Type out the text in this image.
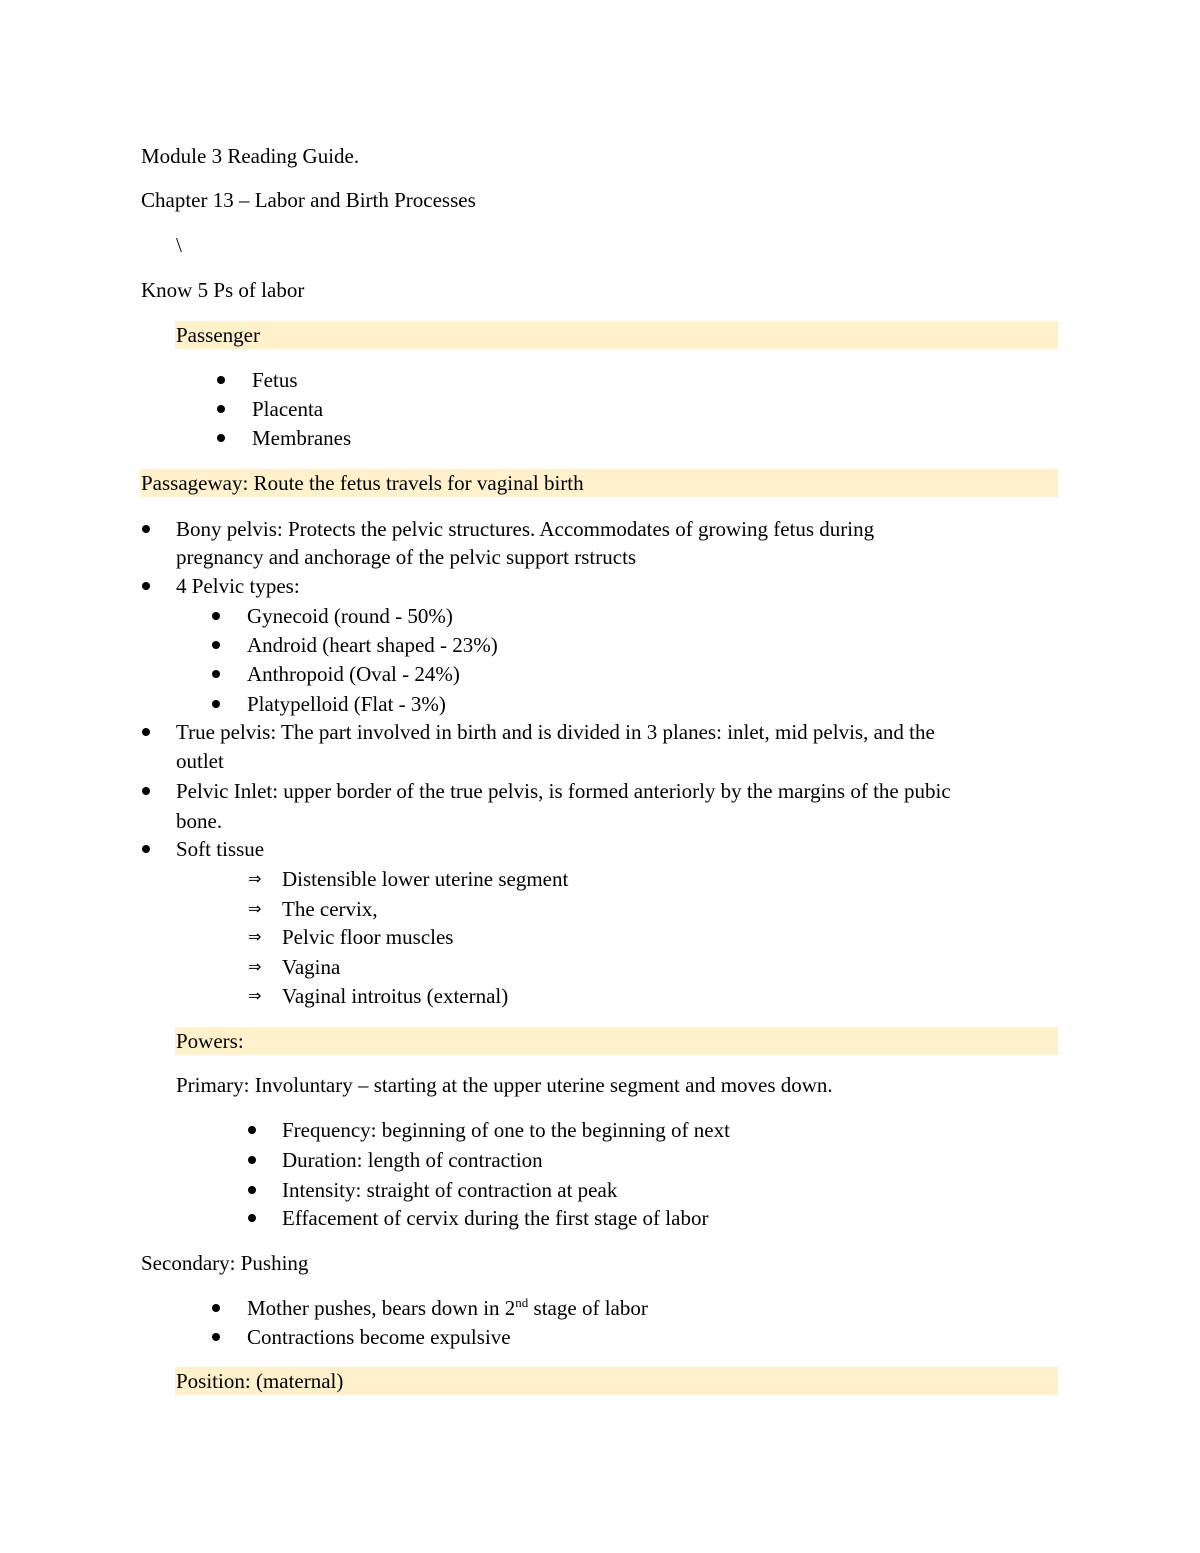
Module 3 Reading Guide.
Chapter 13 – Labor and Birth Processes
\
Know 5 Ps of labor
Passenger
Fetus
Placenta
Membranes
Passageway: Route the fetus travels for vaginal birth
Bony pelvis: Protects the pelvic structures. Accommodates of growing fetus during
pregnancy and anchorage of the pelvic support rstructs
4 Pelvic types:
Gynecoid (round - 50%)
Android (heart shaped - 23%)
Anthropoid (Oval - 24%)
Platypelloid (Flat - 3%)
True pelvis: The part involved in birth and is divided in 3 planes: inlet, mid pelvis, and the
outlet
Pelvic Inlet: upper border of the true pelvis, is formed anteriorly by the margins of the pubic
bone.
Soft tissue
⇒ Distensible lower uterine segment
⇒ The cervix,
⇒ Pelvic floor muscles
⇒ Vagina
⇒ Vaginal introitus (external)
Powers:
Primary: Involuntary – starting at the upper uterine segment and moves down.
Frequency: beginning of one to the beginning of next
Duration: length of contraction
Intensity: straight of contraction at peak
Effacement of cervix during the first stage of labor
Secondary: Pushing
Mother pushes, bears down in 2nd stage of labor
Contractions become expulsive
Position: (maternal)
